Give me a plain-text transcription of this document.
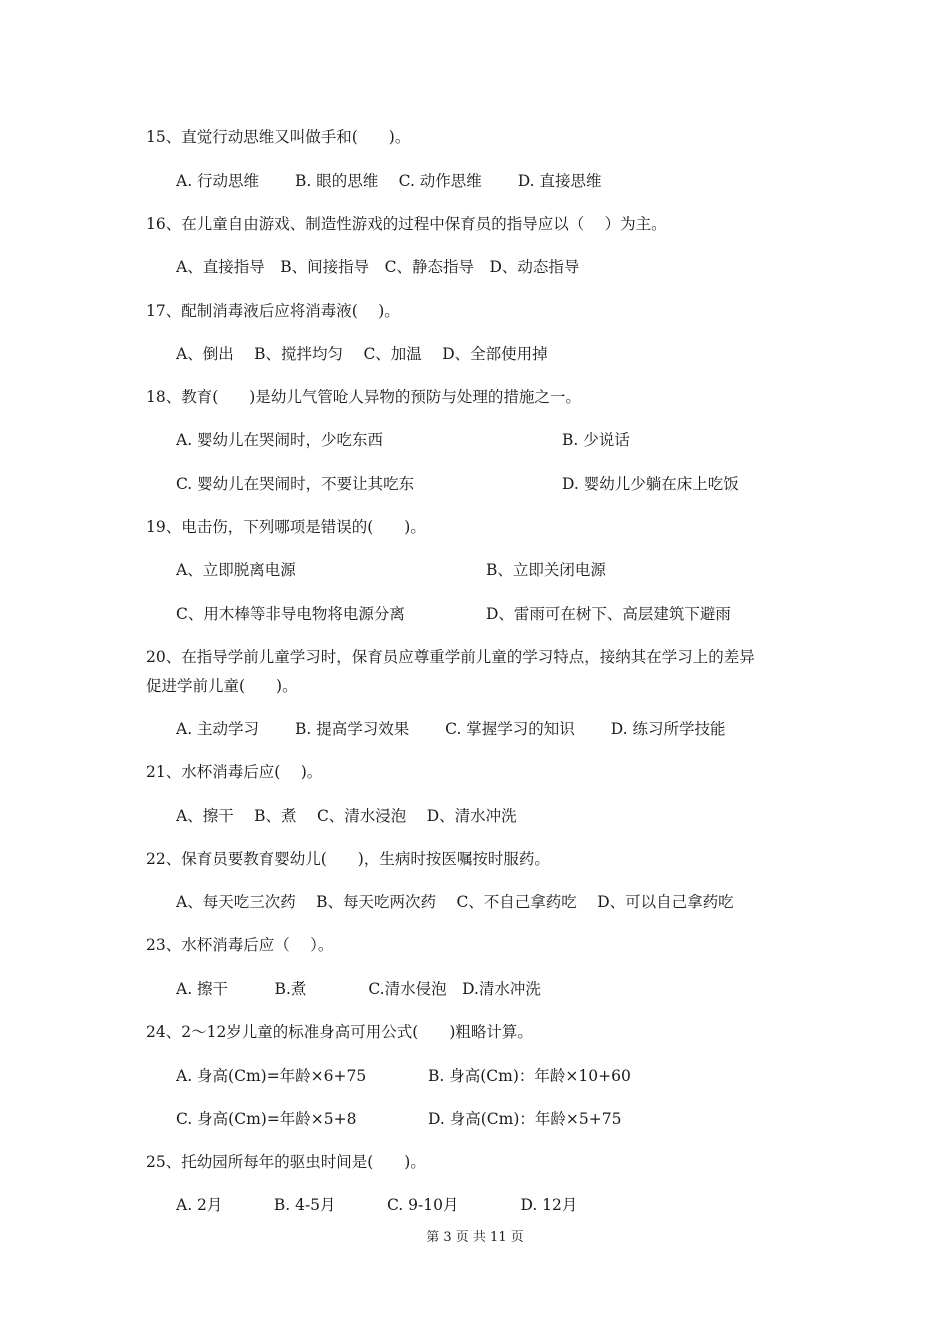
15、直觉行动思维又叫做手和(　　)。
A. 行动思维　　 B. 眼的思维　 C. 动作思维　　 D. 直接思维
16、在儿童自由游戏、制造性游戏的过程中保育员的指导应以（　 ）为主。
A、直接指导　B、间接指导　C、静态指导　D、动态指导
17、配制消毒液后应将消毒液(　 )。
A、倒出　 B、搅拌均匀　 C、加温　 D、全部使用掉
18、教育(　　)是幼儿气管呛人异物的预防与处理的措施之一。
A. 婴幼儿在哭闹时，少吃东西	B. 少说话
C. 婴幼儿在哭闹时，不要让其吃东	D. 婴幼儿少躺在床上吃饭
19、电击伤，下列哪项是错误的(　　)。
A、立即脱离电源	B、立即关闭电源
C、用木棒等非导电物将电源分离	D、雷雨可在树下、高层建筑下避雨
20、在指导学前儿童学习时，保育员应尊重学前儿童的学习特点，接纳其在学习上的差异
促进学前儿童(　　)。
A. 主动学习　　 B. 提高学习效果　　 C. 掌握学习的知识　　 D. 练习所学技能
21、水杯消毒后应(　 )。
A、擦干　 B、煮　 C、清水浸泡　 D、清水冲洗
22、保育员要教育婴幼儿(　　)，生病时按医嘱按时服药。
A、每天吃三次药　 B、每天吃两次药　 C、不自己拿药吃　 D、可以自己拿药吃
23、水杯消毒后应（　 ）。
A. 擦干　　　B.煮　　　　C.清水侵泡　D.清水冲洗
24、2～12岁儿童的标准身高可用公式(　　)粗略计算。
A. 身高(Cm)=年龄×6+75	B. 身高(Cm)：年龄×10+60
C. 身高(Cm)=年龄×5+8	D. 身高(Cm)：年龄×5+75
25、托幼园所每年的驱虫时间是(　　)。
A. 2月　　　 B. 4-5月　　　 C. 9-10月　　　　D. 12月
第 3 页 共 11 页
